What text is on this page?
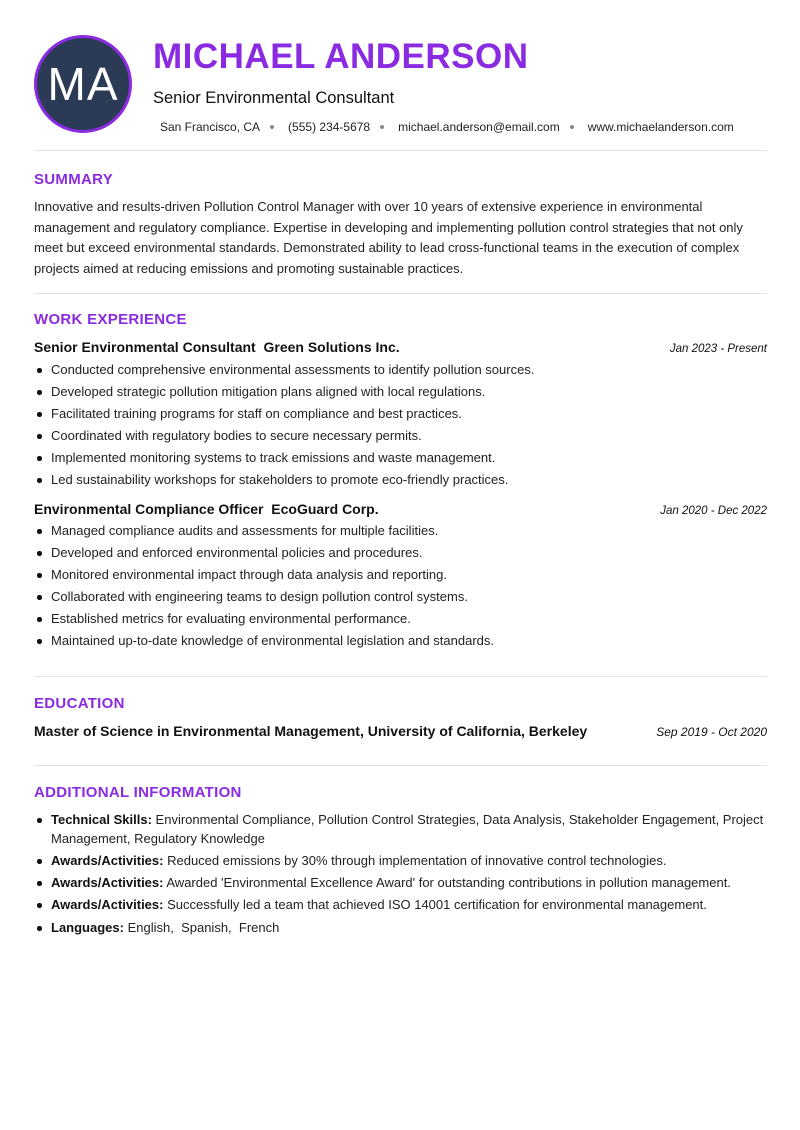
MA
MICHAEL ANDERSON
Senior Environmental Consultant
San Francisco, CA (555) 234-5678 michael.anderson@email.com www.michaelanderson.com
SUMMARY
Innovative and results-driven Pollution Control Manager with over 10 years of extensive experience in environmental management and regulatory compliance. Expertise in developing and implementing pollution control strategies that not only meet but exceed environmental standards. Demonstrated ability to lead cross-functional teams in the execution of complex projects aimed at reducing emissions and promoting sustainable practices.
WORK EXPERIENCE
Senior Environmental Consultant Green Solutions Inc.	Jan 2023 - Present
Conducted comprehensive environmental assessments to identify pollution sources.
Developed strategic pollution mitigation plans aligned with local regulations.
Facilitated training programs for staff on compliance and best practices.
Coordinated with regulatory bodies to secure necessary permits.
Implemented monitoring systems to track emissions and waste management.
Led sustainability workshops for stakeholders to promote eco-friendly practices.
Environmental Compliance Officer EcoGuard Corp.	Jan 2020 - Dec 2022
Managed compliance audits and assessments for multiple facilities.
Developed and enforced environmental policies and procedures.
Monitored environmental impact through data analysis and reporting.
Collaborated with engineering teams to design pollution control systems.
Established metrics for evaluating environmental performance.
Maintained up-to-date knowledge of environmental legislation and standards.
EDUCATION
Master of Science in Environmental Management, University of California, Berkeley	Sep 2019 - Oct 2020
ADDITIONAL INFORMATION
Technical Skills: Environmental Compliance, Pollution Control Strategies, Data Analysis, Stakeholder Engagement, Project Management, Regulatory Knowledge
Awards/Activities: Reduced emissions by 30% through implementation of innovative control technologies.
Awards/Activities: Awarded 'Environmental Excellence Award' for outstanding contributions in pollution management.
Awards/Activities: Successfully led a team that achieved ISO 14001 certification for environmental management.
Languages: English,  Spanish,  French
